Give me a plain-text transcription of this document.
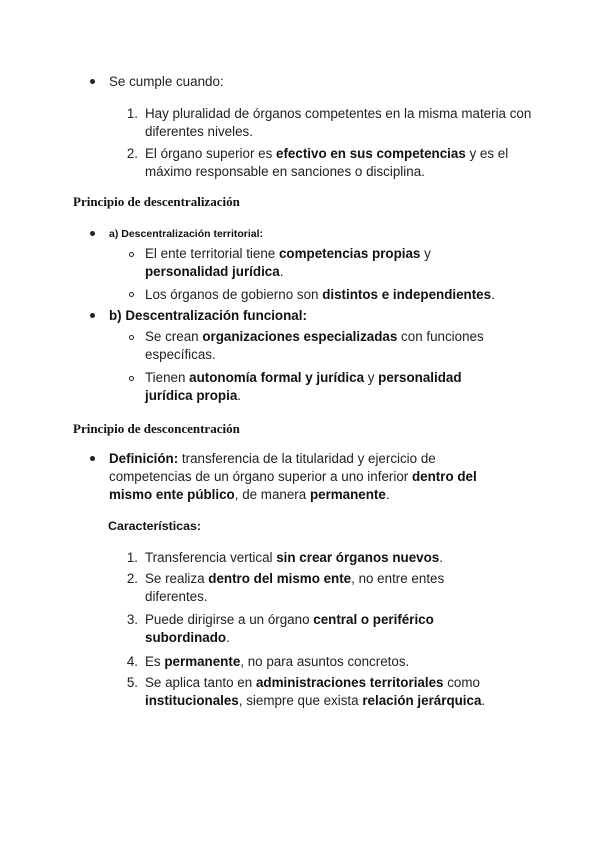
Se cumple cuando:
1. Hay pluralidad de órganos competentes en la misma materia con diferentes niveles.
2. El órgano superior es efectivo en sus competencias y es el máximo responsable en sanciones o disciplina.
Principio de descentralización
a) Descentralización territorial:
El ente territorial tiene competencias propias y personalidad jurídica.
Los órganos de gobierno son distintos e independientes.
b) Descentralización funcional:
Se crean organizaciones especializadas con funciones específicas.
Tienen autonomía formal y jurídica y personalidad jurídica propia.
Principio de desconcentración
Definición: transferencia de la titularidad y ejercicio de competencias de un órgano superior a uno inferior dentro del mismo ente público, de manera permanente.
Características:
1. Transferencia vertical sin crear órganos nuevos.
2. Se realiza dentro del mismo ente, no entre entes diferentes.
3. Puede dirigirse a un órgano central o periférico subordinado.
4. Es permanente, no para asuntos concretos.
5. Se aplica tanto en administraciones territoriales como institucionales, siempre que exista relación jerárquica.
